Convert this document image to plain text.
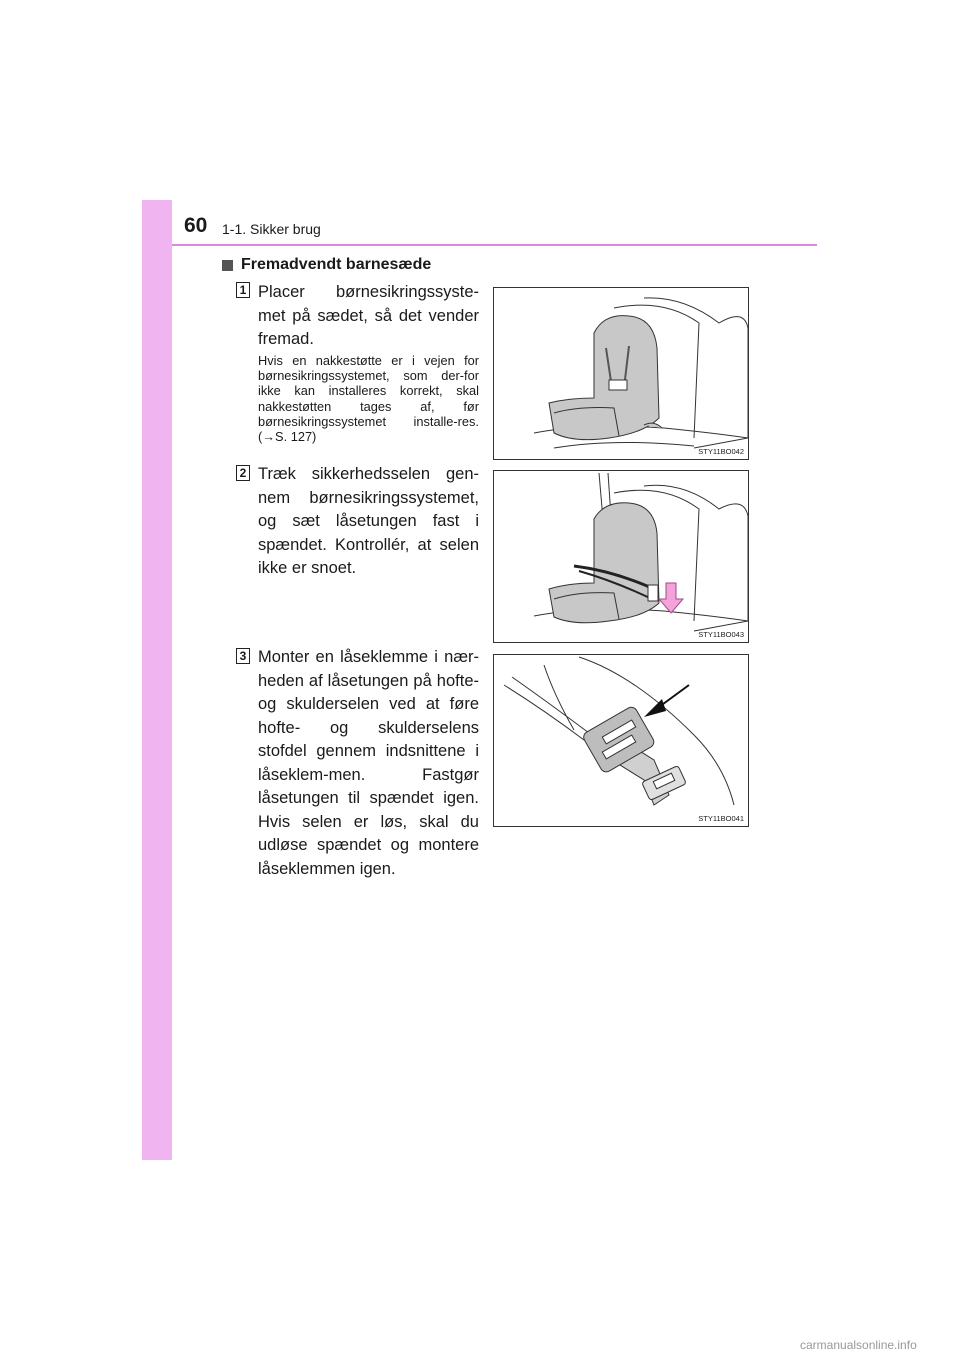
60 1-1. Sikker brug
Fremadvendt barnesæde
1 Placer børnesikringssyste-met på sædet, så det vender fremad.
Hvis en nakkestøtte er i vejen for børnesikringssystemet, som der-for ikke kan installeres korrekt, skal nakkestøtten tages af, før børnesikringssystemet installe-res. (→S. 127)
STY11BO042
2 Træk sikkerhedsselen gen-nem børnesikringssystemet, og sæt låsetungen fast i spændet. Kontrollér, at selen ikke er snoet.
STY11BO043
3 Monter en låseklemme i nær-heden af låsetungen på hofte- og skulderselen ved at føre hofte- og skulderselens stofdel gennem indsnittene i låseklem-men. Fastgør låsetungen til spændet igen. Hvis selen er løs, skal du udløse spændet og montere låseklemmen igen.
STY11BO041
carmanualsonline.info
